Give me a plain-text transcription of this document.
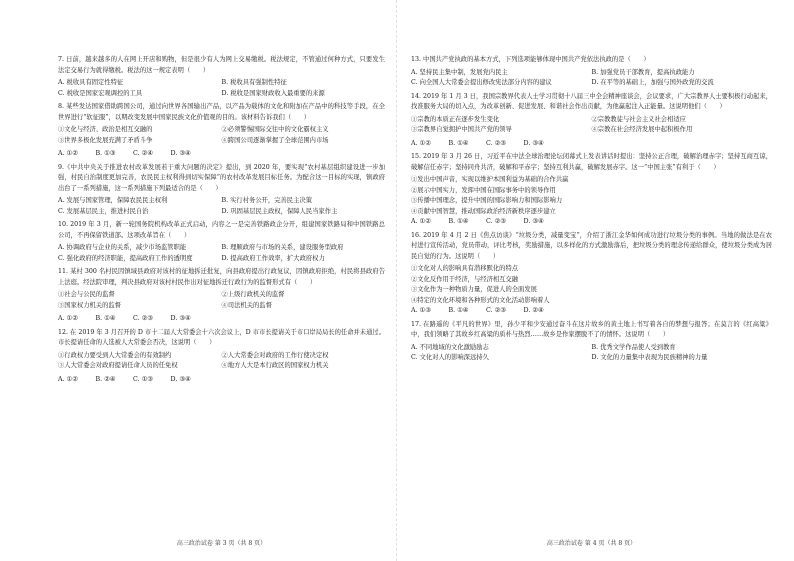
7. 日前，越来越多的人在网上开店和购物，但是很少有人为网上交易缴税。税法规定，不管通过何种方式，只要发生法定交易行为就得缴税。税法的这一规定表明（　　）

A. 税收具有固定性特征	B. 税收具有强制性特征
C. 税收是国家宏观调控的工具	D. 税收是国家财政收入最重要的来源

8. 某些发达国家借助跨国公司，通过向世界各国输出产品，以产品为载体的文化和附加在产品中的科技等手段，在全世界进行“软征服”，以期改变发展中国家民族文化价值观的目的。该材料告诉我们（　　）

①文化与经济、政治是相互交融的	②必须警惕国际交往中的文化霸权主义
③世界多极化发展充满了矛盾斗争	④跨国公司逐渐掌握了全球范围内市场
A. ①②	B. ①③	C. ②④	D. ③④

9.《中共中央关于推进农村改革发展若干重大问题的决定》提出，到 2020 年，要实现“农村基层组织建设进一步加强，村民自治制度更加完善，农民民主权利得到切实保障”的农村改革发展目标任务。为配合这一目标的实现，镇政府出台了一系列措施，这一系列措施下列最适合的是（　　）

A. 发展与国家管理，保障农民民主权利	B. 实行村务公开，完善民主决策
C. 发展基层民主，推进村民自治	D. 巩固基层民主政权，保障人民当家作主

10. 2019 年 3 月，新一轮国务院机构改革正式启动，内容之一是完善铁路政企分开，组建国家铁路局和中国铁路总公司，不再保留铁道部。这项改革旨在（　　）

A. 协调政府与企业的关系，减少市场监管职能	B. 理顺政府与市场的关系，建设服务型政府
C. 强化政府的经济职能，提高政府工作的透明度	D. 提高政府工作效率，扩大政府权力

11. 某村 300 名村民因镇域县政府对该村的征地拆迁批复，向县政府提出行政复议，因镇政府拒绝，村民将县政府告上法庭。经法院审理，判决县政府对该村村民作出对征地拆迁行政行为的监督形式有（　　）

①社会与公民的监督	②上级行政机关的监督
③国家权力机关的监督	④司法机关的监督
A. ①②	B. ①④	C. ②③	D. ③④

12. 在 2019 年 3 月召开的 D 市十二届人大常委会十六次会议上，D 市市长提请关于市口岸局局长的任命并未通过。市长提请任命的人选被人大常委会否决，这说明（　　）

①行政权力要受到人大常委会的有效制约	②人大常委会对政府的工作行使决定权
③人大常委会对政府提请任命人员的任免权	④地方人大是本行政区的国家权力机关
A. ①②	B. ②④	C. ①③	D. ③④
高三政治试卷 第 3 页（共 8 页）

13. 中国共产党执政的基本方式，下列选项能够体现中国共产党依法执政的是（　　）

A. 坚持民主集中制，发展党内民主	B. 加强党员干部教育，提高执政能力
C. 向全国人大常委会提出修改宪法部分内容的建议	D. 在平等的基础上，加强与国外政党的交流

14. 2019 年 1 月 3 日，我国宗教界代表人士学习贯彻十八届三中全会精神座谈会，会议要求，广大宗教界人士要积极行动起来，找准服务大局的切入点，为改革创新、促进发展、和谐社会作出贡献，为他赢起注入正能量。这说明他们（　　）

①宗教的本质正在逐步发生变化	②宗教教徒与社会主义社会相适应
③宗教界自觉拥护中国共产党的领导	④宗教在社会经济发展中起积极作用
A. ①②	B. ①④	C. ②③	D. ③④

15. 2019 年 3 月 26 日，习近平在中法全球治理论坛闭幕式上发表讲话时提出：坚持公正合理，破解治理赤字；坚持互商互谅，破解信任赤字；坚持同舟共济，破解和平赤字；坚持互利共赢，破解发展赤字。这一“中国主张”有利于（　　）

①发出中国声音，实现以维护本国利益为基础的合作共赢

②展示中国实力，发挥中国在国际事务中的领导作用

③传播中国理念，提升中国的国际影响力和国际影响力

④贡献中国智慧，推动国际政治经济新秩序逐步建立

A. ①②	B. ①④	C. ②③	D. ③④

16. 2019 年 4 月 2 日《焦点访谈》“垃圾分类，减量变宝”，介绍了浙江金华如何成功进行垃圾分类的事例。当地的做法是在农村进行宣传活动，党员带动，评比考核，奖励措施，以多样化的方式激励落后，把垃圾分类的理念传递给群众，使垃圾分类成为居民自觉的行为。这说明（　　）

①文化对人的影响具有潜移默化的特点

②文化反作用于经济，与经济相互交融

③文化作为一种物质力量，促进人的全面发展

④特定的文化环境和各种形式的文化活动影响着人

A. ①③	B. ①④	C. ②③	D. ②④

17. 在路遥的《平凡的世界》里，孙少平和少安通过奋斗在这片故乡的黄土地上书写着各自的梦想与报答；在莫言的《红高粱》中，我们领略了其故乡红高粱的质朴与热烈……故乡是作家摆脱不了的情怀。这说明（　　）

A. 不同地域的文化激励励志	B. 优秀文学作品使人受到教育
C. 文化对人的影响深远持久	D. 文化的力量集中表现为民族精神的力量
高三政治试卷 第 4 页（共 8 页）
